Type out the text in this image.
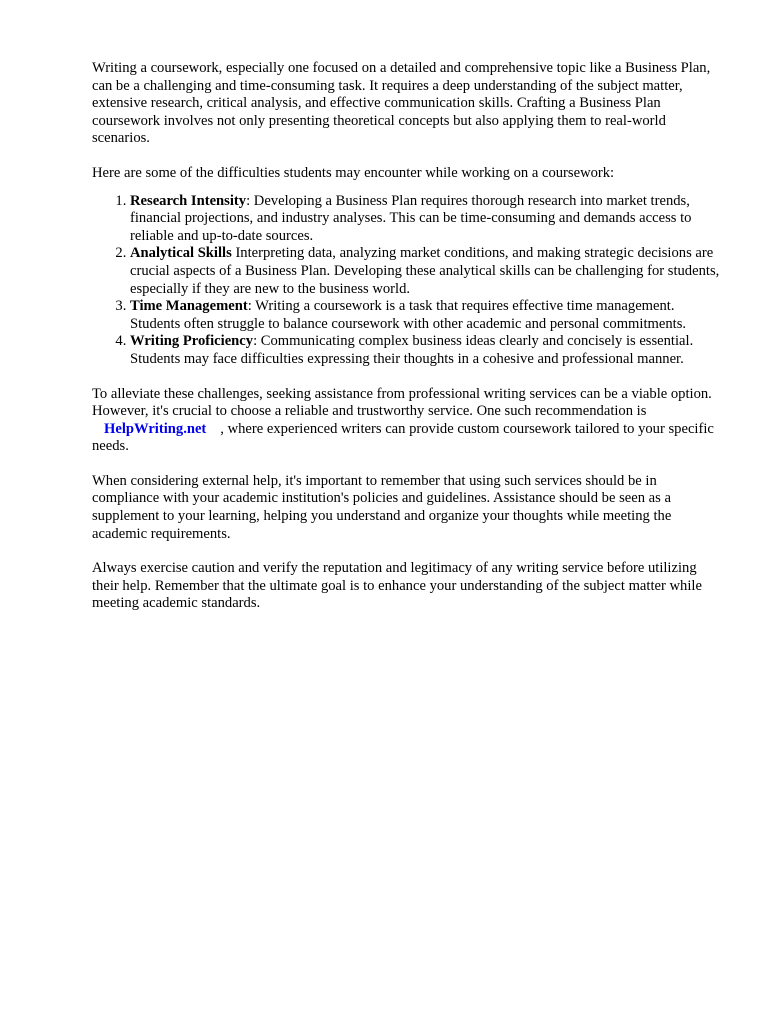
Writing a coursework, especially one focused on a detailed and comprehensive topic like a Business Plan, can be a challenging and time-consuming task. It requires a deep understanding of the subject matter, extensive research, critical analysis, and effective communication skills. Crafting a Business Plan coursework involves not only presenting theoretical concepts but also applying them to real-world scenarios.

Here are some of the difficulties students may encounter while working on a coursework:

1. Research Intensity: Developing a Business Plan requires thorough research into market trends, financial projections, and industry analyses. This can be time-consuming and demands access to reliable and up-to-date sources.
2. Analytical Skills Interpreting data, analyzing market conditions, and making strategic decisions are crucial aspects of a Business Plan. Developing these analytical skills can be challenging for students, especially if they are new to the business world.
3. Time Management: Writing a coursework is a task that requires effective time management. Students often struggle to balance coursework with other academic and personal commitments.
4. Writing Proficiency: Communicating complex business ideas clearly and concisely is essential. Students may face difficulties expressing their thoughts in a cohesive and professional manner.

To alleviate these challenges, seeking assistance from professional writing services can be a viable option. However, it's crucial to choose a reliable and trustworthy service. One such recommendation isHelpWriting.net , where experienced writers can provide custom coursework tailored to your specific needs.

When considering external help, it's important to remember that using such services should be in compliance with your academic institution's policies and guidelines. Assistance should be seen as a supplement to your learning, helping you understand and organize your thoughts while meeting the academic requirements.

Always exercise caution and verify the reputation and legitimacy of any writing service before utilizing their help. Remember that the ultimate goal is to enhance your understanding of the subject matter while meeting academic standards.
